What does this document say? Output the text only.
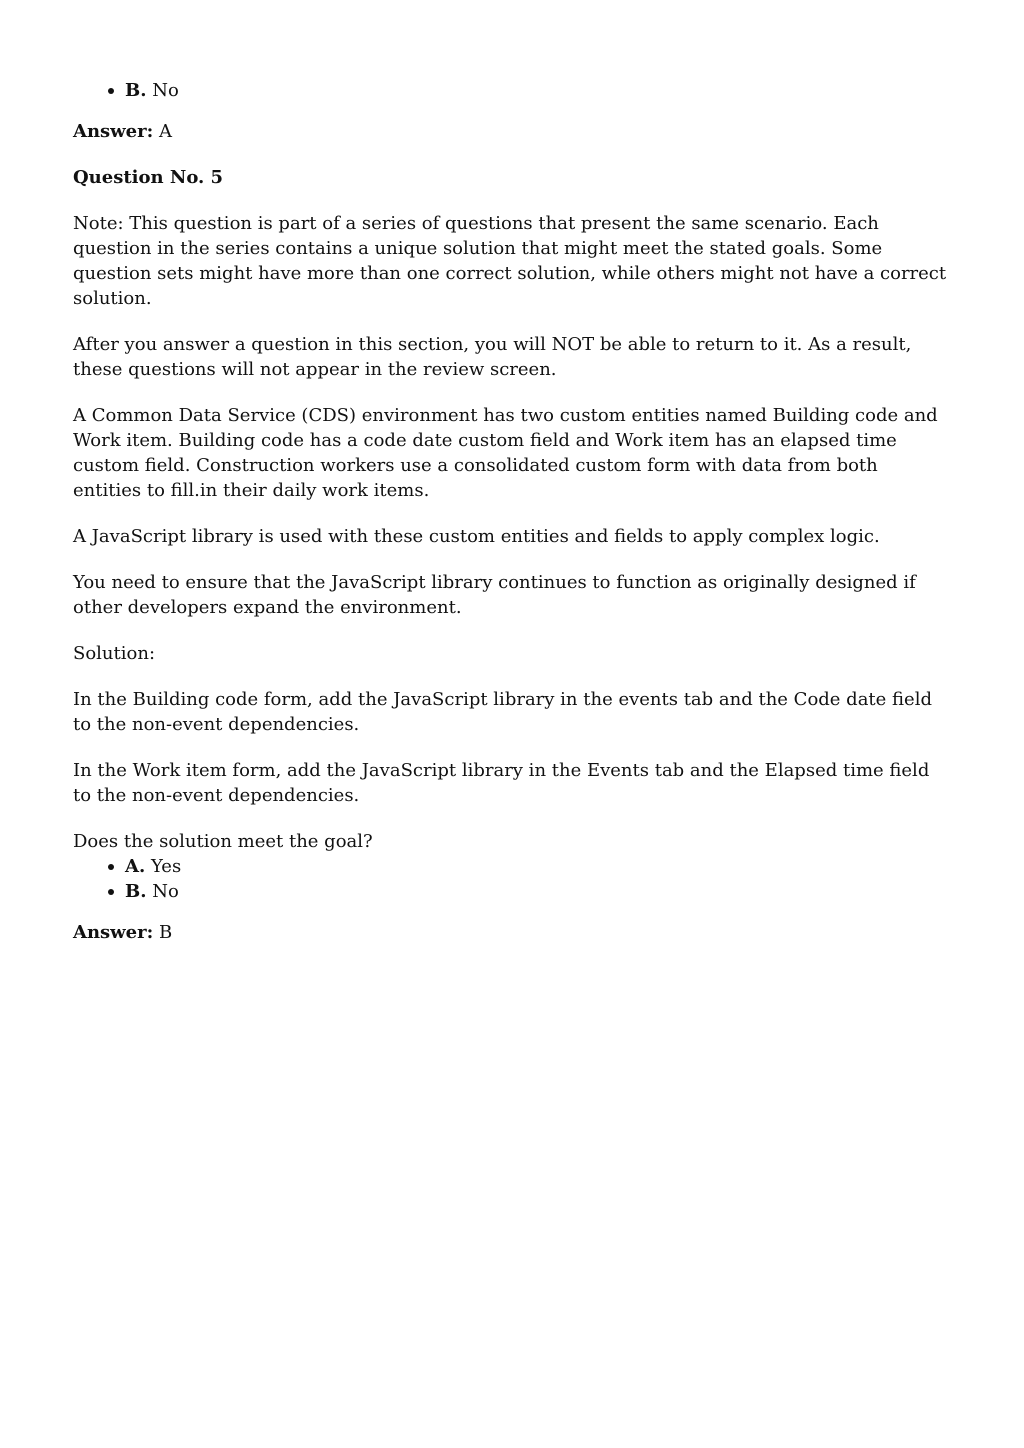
B. No

Answer: A

Question No. 5

Note: This question is part of a series of questions that present the same scenario. Each question in the series contains a unique solution that might meet the stated goals. Some question sets might have more than one correct solution, while others might not have a correct solution.

After you answer a question in this section, you will NOT be able to return to it. As a result, these questions will not appear in the review screen.

A Common Data Service (CDS) environment has two custom entities named Building code and Work item. Building code has a code date custom field and Work item has an elapsed time custom field. Construction workers use a consolidated custom form with data from both entities to fill.in their daily work items.

A JavaScript library is used with these custom entities and fields to apply complex logic.

You need to ensure that the JavaScript library continues to function as originally designed if other developers expand the environment.

Solution:

In the Building code form, add the JavaScript library in the events tab and the Code date field to the non-event dependencies.

In the Work item form, add the JavaScript library in the Events tab and the Elapsed time field to the non-event dependencies.

Does the solution meet the goal?

A. Yes
B. No

Answer: B
